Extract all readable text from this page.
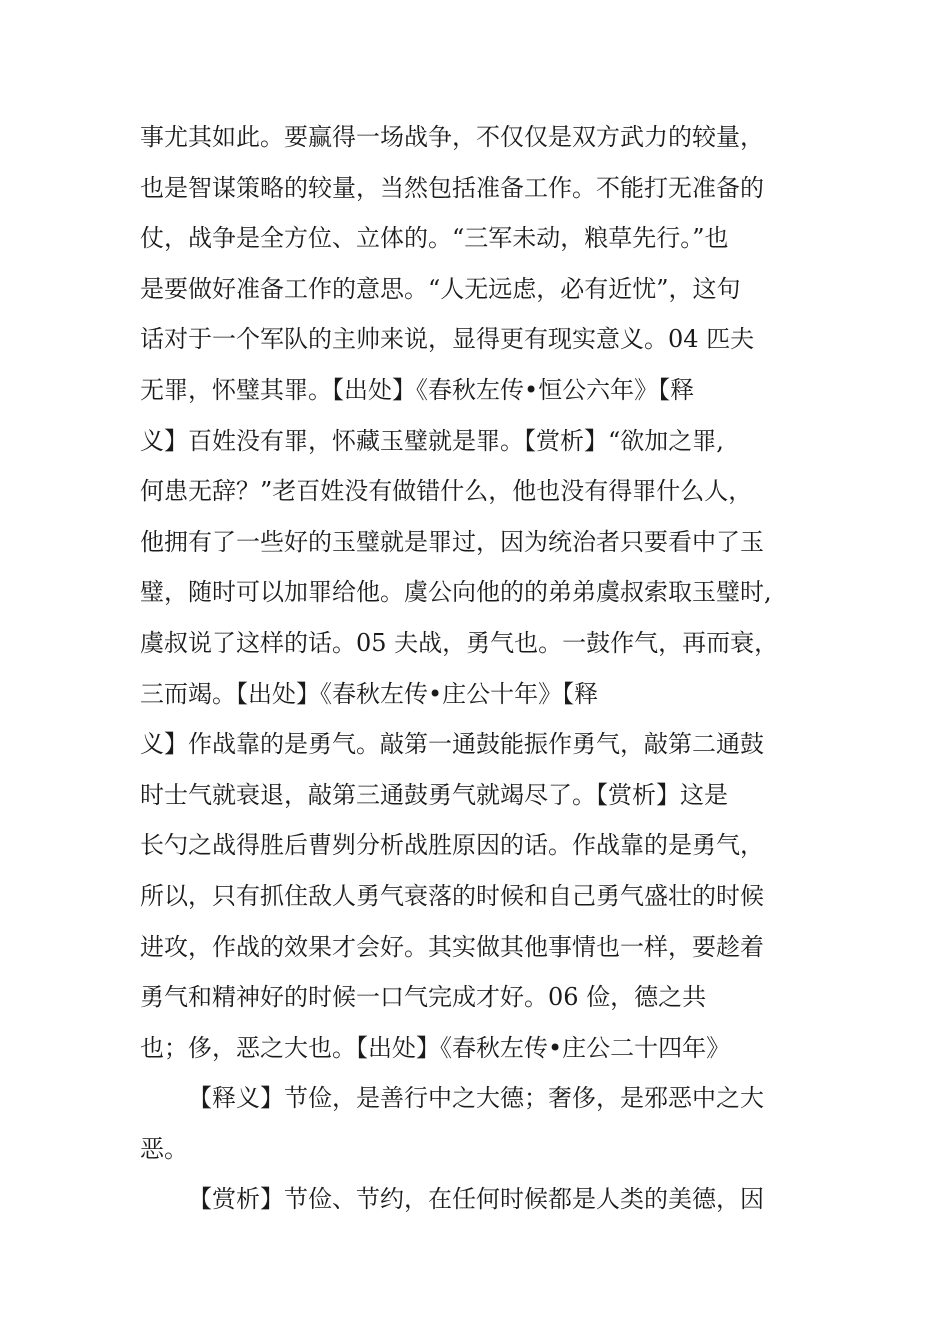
事尤其如此。要赢得一场战争，不仅仅是双方武力的较量，
也是智谋策略的较量，当然包括准备工作。不能打无准备的
仗，战争是全方位、立体的。“三军未动，粮草先行。”也
是要做好准备工作的意思。“人无远虑，必有近忧”，这句
话对于一个军队的主帅来说，显得更有现实意义。04 匹夫
无罪，怀璧其罪。【出处】《春秋左传•恒公六年》【释
义】百姓没有罪，怀藏玉璧就是罪。【赏析】“欲加之罪,
何患无辞？”老百姓没有做错什么，他也没有得罪什么人，
他拥有了一些好的玉璧就是罪过，因为统治者只要看中了玉
璧，随时可以加罪给他。虞公向他的的弟弟虞叔索取玉璧时,
虞叔说了这样的话。05 夫战，勇气也。一鼓作气，再而衰，
三而竭。【出处】《春秋左传•庄公十年》【释
义】作战靠的是勇气。敲第一通鼓能振作勇气，敲第二通鼓
时士气就衰退，敲第三通鼓勇气就竭尽了。【赏析】这是
长勺之战得胜后曹刿分析战胜原因的话。作战靠的是勇气，
所以，只有抓住敌人勇气衰落的时候和自己勇气盛壮的时候
进攻，作战的效果才会好。其实做其他事情也一样，要趁着
勇气和精神好的时候一口气完成才好。06 俭，德之共
也；侈，恶之大也。【出处】《春秋左传•庄公二十四年》
【释义】节俭，是善行中之大德；奢侈，是邪恶中之大
恶。
【赏析】节俭、节约，在任何时候都是人类的美德，因
